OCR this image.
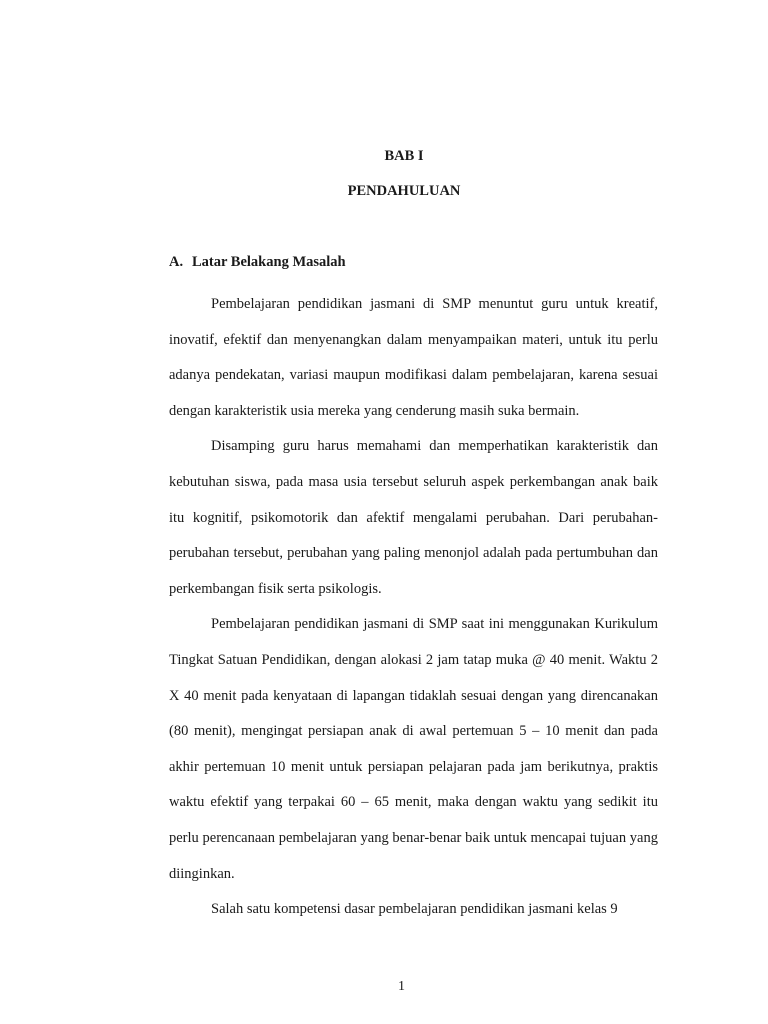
BAB I
PENDAHULUAN
A. Latar Belakang Masalah

Pembelajaran pendidikan jasmani di SMP menuntut guru untuk kreatif, inovatif, efektif dan menyenangkan dalam menyampaikan materi, untuk itu perlu adanya pendekatan, variasi maupun modifikasi dalam pembelajaran, karena sesuai dengan karakteristik usia mereka yang cenderung masih suka bermain.

Disamping guru harus memahami dan memperhatikan karakteristik dan kebutuhan siswa, pada masa usia tersebut seluruh aspek perkembangan anak baik itu kognitif, psikomotorik dan afektif mengalami perubahan. Dari perubahan-perubahan tersebut, perubahan yang paling menonjol adalah pada pertumbuhan dan perkembangan fisik serta psikologis.

Pembelajaran pendidikan jasmani di SMP saat ini menggunakan Kurikulum Tingkat Satuan Pendidikan, dengan alokasi 2 jam tatap muka @ 40 menit. Waktu 2 X 40 menit pada kenyataan di lapangan tidaklah sesuai dengan yang direncanakan (80 menit), mengingat persiapan anak di awal pertemuan 5 – 10 menit dan pada akhir pertemuan 10 menit untuk persiapan pelajaran pada jam berikutnya, praktis waktu efektif yang terpakai 60 – 65 menit, maka dengan waktu yang sedikit itu perlu perencanaan pembelajaran yang benar-benar baik untuk mencapai tujuan yang diinginkan.

Salah satu kompetensi dasar pembelajaran pendidikan jasmani kelas 9

1
